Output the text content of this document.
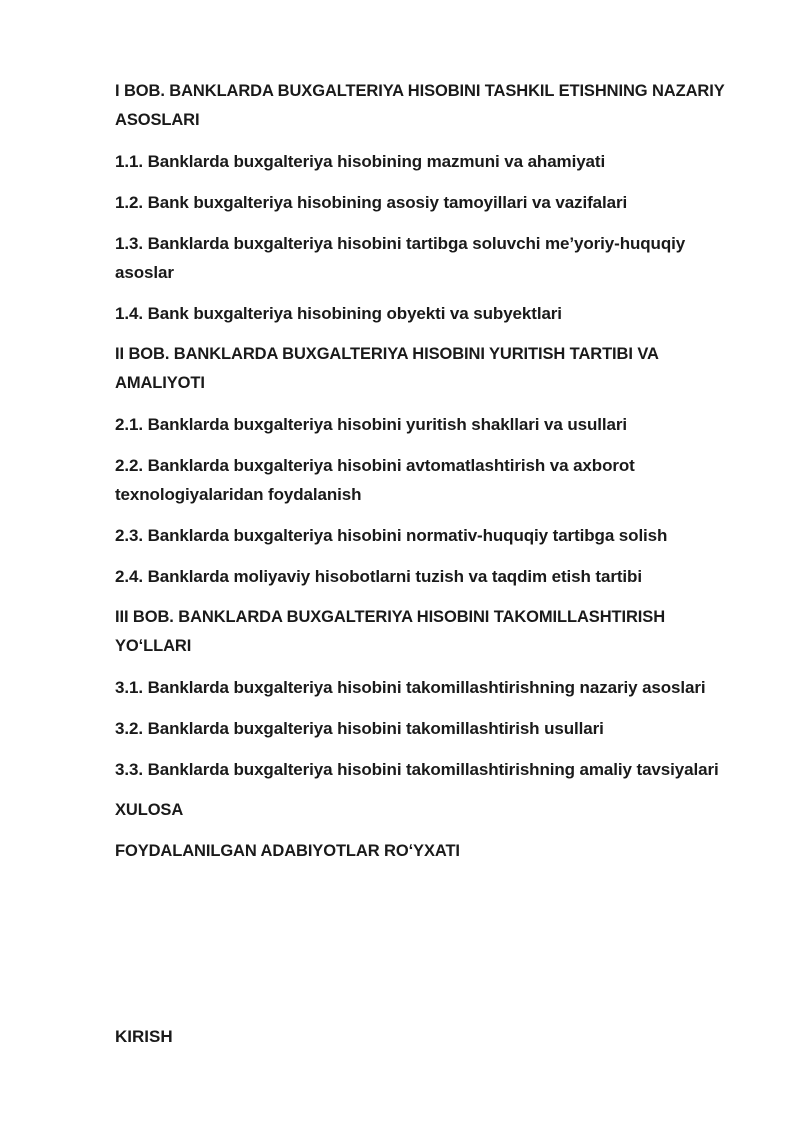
I BOB. BANKLARDA BUXGALTERIYA HISOBINI TASHKIL ETISHNING NAZARIY ASOSLARI
1.1. Banklarda buxgalteriya hisobining mazmuni va ahamiyati
1.2. Bank buxgalteriya hisobining asosiy tamoyillari va vazifalari
1.3. Banklarda buxgalteriya hisobini tartibga soluvchi me’yoriy-huquqiy asoslar
1.4. Bank buxgalteriya hisobining obyekti va subyektlari
II BOB. BANKLARDA BUXGALTERIYA HISOBINI YURITISH TARTIBI VA AMALIYOTI
2.1. Banklarda buxgalteriya hisobini yuritish shakllari va usullari
2.2. Banklarda buxgalteriya hisobini avtomatlashtirish va axborot texnologiyalaridan foydalanish
2.3. Banklarda buxgalteriya hisobini normativ-huquqiy tartibga solish
2.4. Banklarda moliyaviy hisobotlarni tuzish va taqdim etish tartibi
III BOB. BANKLARDA BUXGALTERIYA HISOBINI TAKOMILLASHTIRISH YOʻLLARI
3.1. Banklarda buxgalteriya hisobini takomillashtirishning nazariy asoslari
3.2. Banklarda buxgalteriya hisobini takomillashtirish usullari
3.3. Banklarda buxgalteriya hisobini takomillashtirishning amaliy tavsiyalari
XULOSA
FOYDALANILGAN ADABIYOTLAR ROʻYXATI
KIRISH
